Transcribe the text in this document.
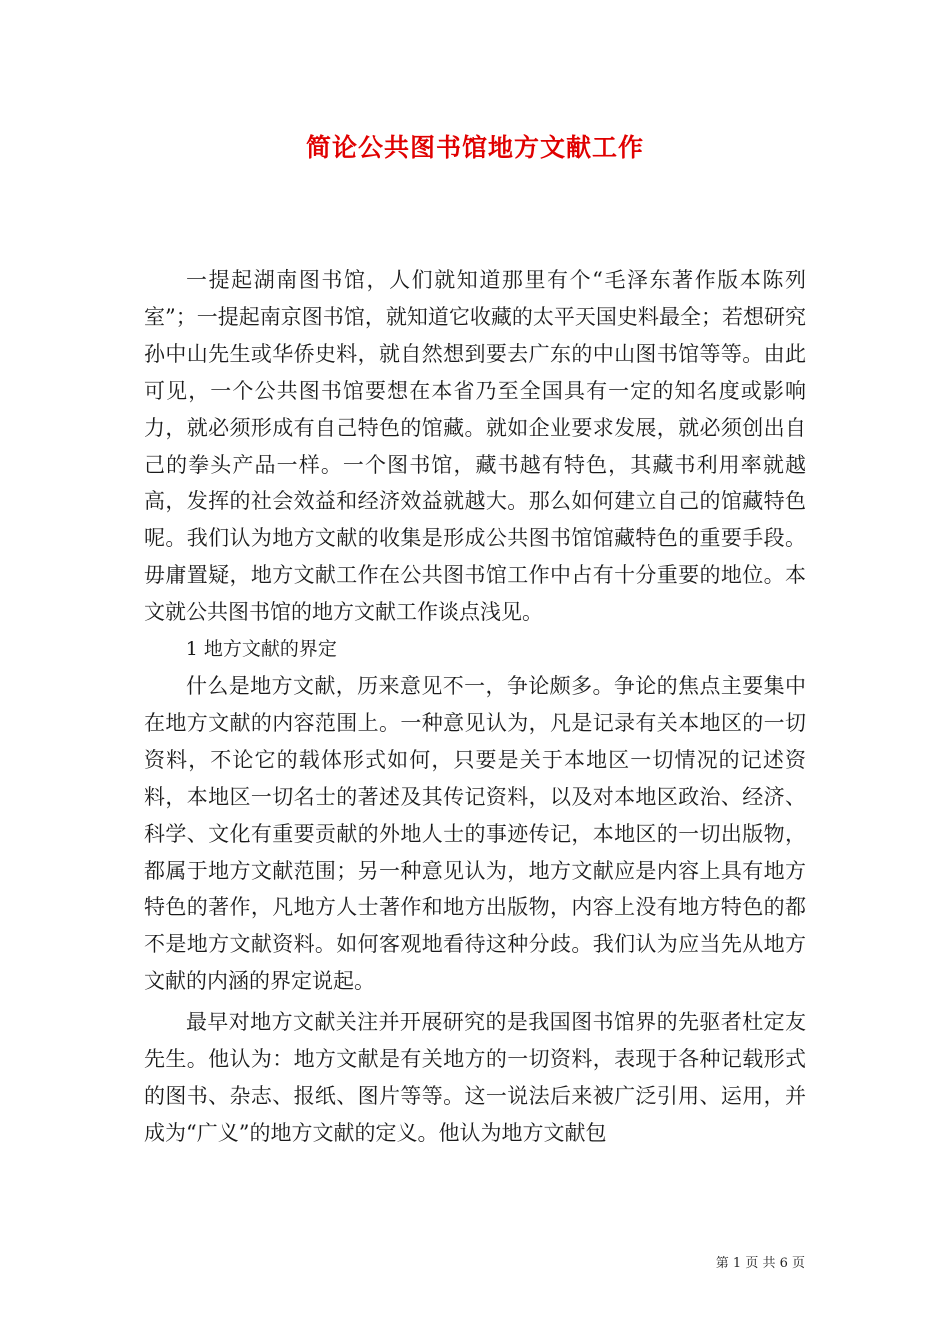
简论公共图书馆地方文献工作

一提起湖南图书馆，人们就知道那里有个“毛泽东著作版本陈列室”；一提起南京图书馆，就知道它收藏的太平天国史料最全；若想研究孙中山先生或华侨史料，就自然想到要去广东的中山图书馆等等。由此可见，一个公共图书馆要想在本省乃至全国具有一定的知名度或影响力，就必须形成有自己特色的馆藏。就如企业要求发展，就必须创出自己的拳头产品一样。一个图书馆，藏书越有特色，其藏书利用率就越高，发挥的社会效益和经济效益就越大。那么如何建立自己的馆藏特色呢。我们认为地方文献的收集是形成公共图书馆馆藏特色的重要手段。毋庸置疑，地方文献工作在公共图书馆工作中占有十分重要的地位。本文就公共图书馆的地方文献工作谈点浅见。

1 地方文献的界定

什么是地方文献，历来意见不一，争论颇多。争论的焦点主要集中在地方文献的内容范围上。一种意见认为，凡是记录有关本地区的一切资料，不论它的载体形式如何，只要是关于本地区一切情况的记述资料，本地区一切名士的著述及其传记资料，以及对本地区政治、经济、科学、文化有重要贡献的外地人士的事迹传记，本地区的一切出版物，都属于地方文献范围；另一种意见认为，地方文献应是内容上具有地方特色的著作，凡地方人士著作和地方出版物，内容上没有地方特色的都不是地方文献资料。如何客观地看待这种分歧。我们认为应当先从地方文献的内涵的界定说起。

最早对地方文献关注并开展研究的是我国图书馆界的先驱者杜定友先生。他认为：地方文献是有关地方的一切资料，表现于各种记载形式的图书、杂志、报纸、图片等等。这一说法后来被广泛引用、运用，并成为“广义”的地方文献的定义。他认为地方文献包

第 1 页 共 6 页
